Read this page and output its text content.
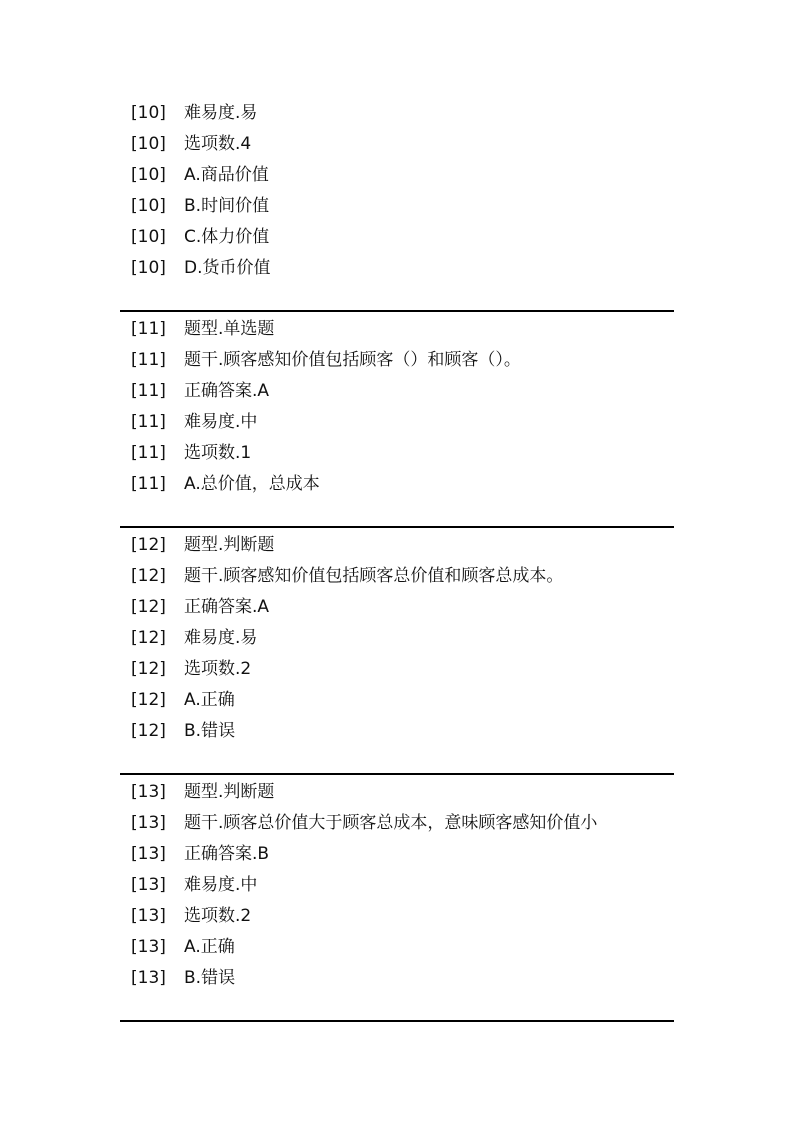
[10] 难易度.易
[10] 选项数.4
[10] A.商品价值
[10] B.时间价值
[10] C.体力价值
[10] D.货币价值
[11] 题型.单选题
[11] 题干.顾客感知价值包括顾客（）和顾客（）。
[11] 正确答案.A
[11] 难易度.中
[11] 选项数.1
[11] A.总价值，总成本
[12] 题型.判断题
[12] 题干.顾客感知价值包括顾客总价值和顾客总成本。
[12] 正确答案.A
[12] 难易度.易
[12] 选项数.2
[12] A.正确
[12] B.错误
[13] 题型.判断题
[13] 题干.顾客总价值大于顾客总成本，意味顾客感知价值小
[13] 正确答案.B
[13] 难易度.中
[13] 选项数.2
[13] A.正确
[13] B.错误
